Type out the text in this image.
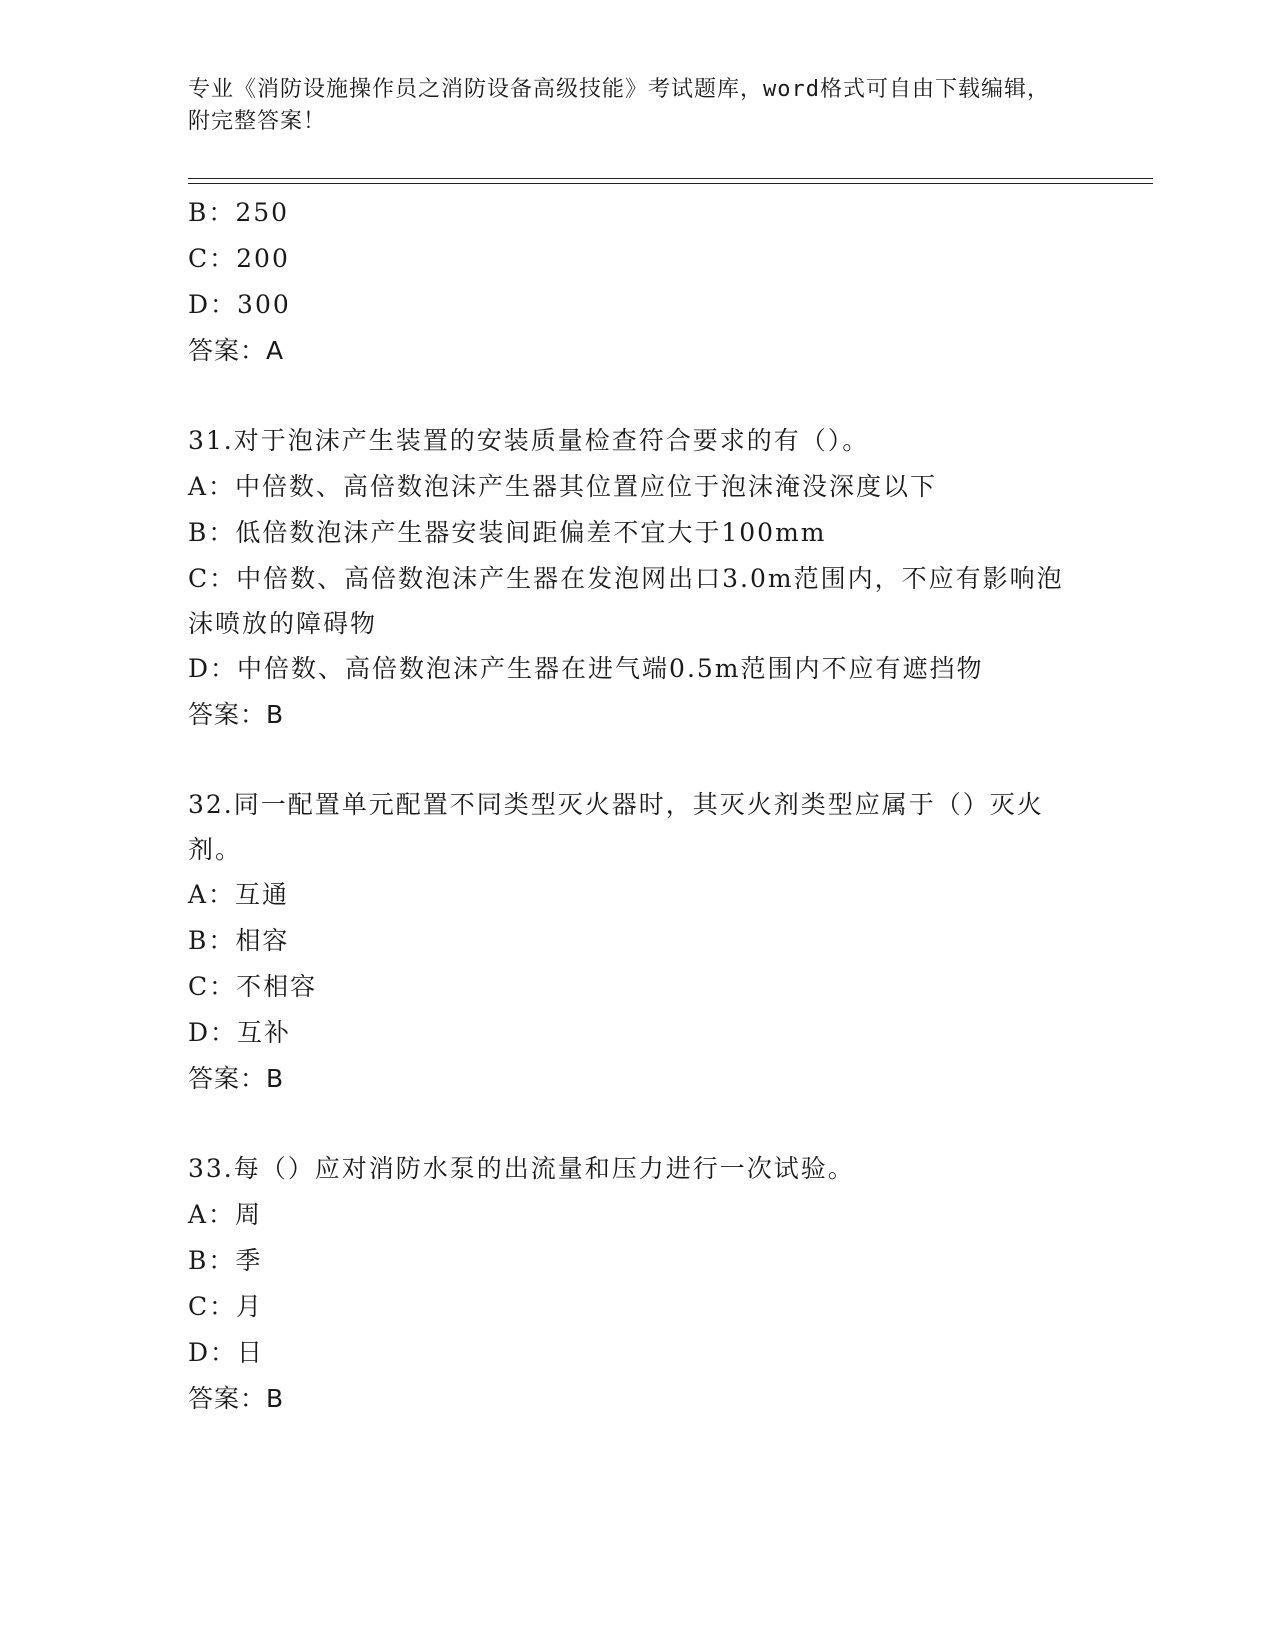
专业《消防设施操作员之消防设备高级技能》考试题库，word格式可自由下载编辑，附完整答案！
B：250
C：200
D：300
答案：A
31.对于泡沫产生装置的安装质量检查符合要求的有（）。
A：中倍数、高倍数泡沫产生器其位置应位于泡沫淹没深度以下
B：低倍数泡沫产生器安装间距偏差不宜大于100mm
C：中倍数、高倍数泡沫产生器在发泡网出口3.0m范围内，不应有影响泡沫喷放的障碍物
D：中倍数、高倍数泡沫产生器在进气端0.5m范围内不应有遮挡物
答案：B
32.同一配置单元配置不同类型灭火器时，其灭火剂类型应属于（）灭火剂。
A：互通
B：相容
C：不相容
D：互补
答案：B
33.每（）应对消防水泵的出流量和压力进行一次试验。
A：周
B：季
C：月
D：日
答案：B
